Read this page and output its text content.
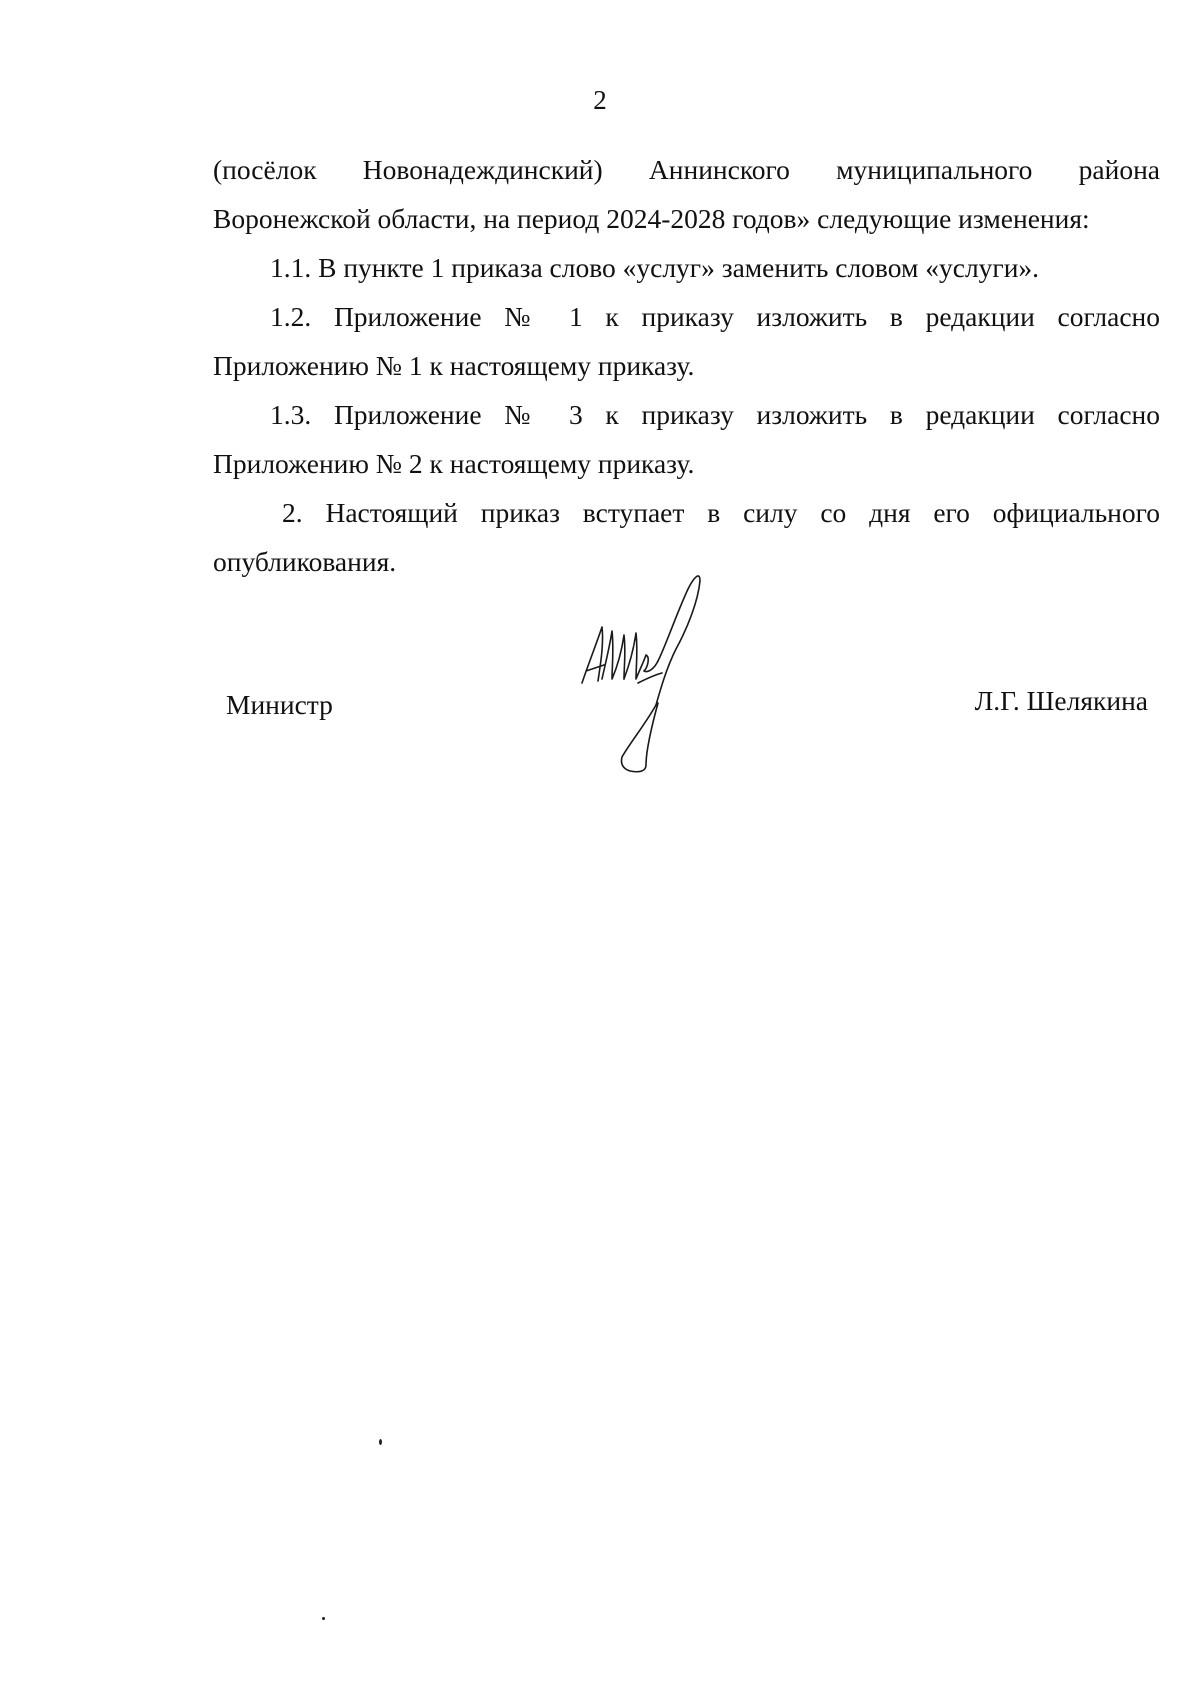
2

(посёлок Новонадеждинский) Аннинского муниципального района Воронежской области, на период 2024-2028 годов» следующие изменения:

1.1. В пункте 1 приказа слово «услуг» заменить словом «услуги».

1.2. Приложение № 1 к приказу изложить в редакции согласно Приложению № 1 к настоящему приказу.

1.3. Приложение № 3 к приказу изложить в редакции согласно Приложению № 2 к настоящему приказу.

2. Настоящий приказ вступает в силу со дня его официального опубликования.

Министр	Л.Г. Шелякина
